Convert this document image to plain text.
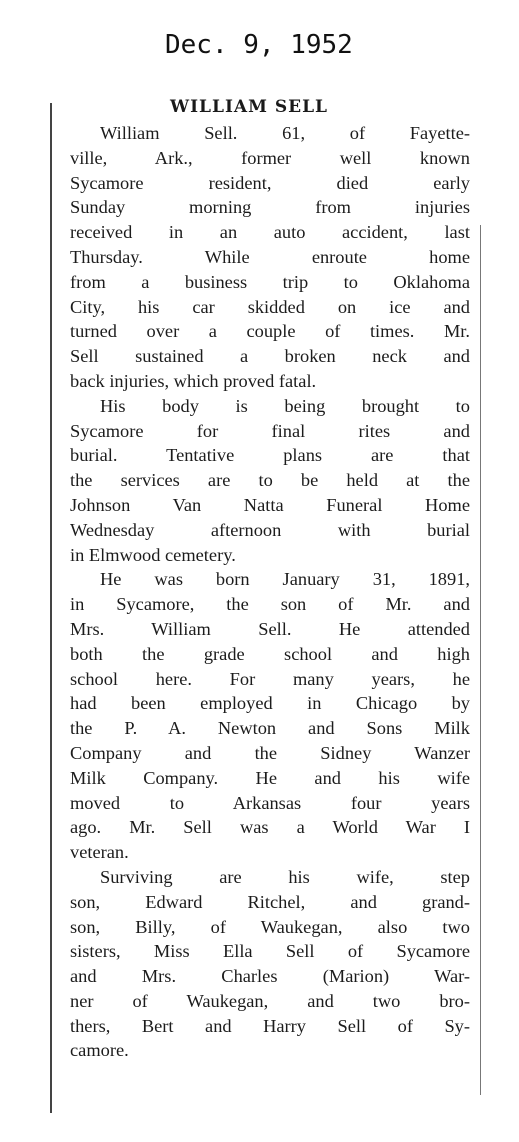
Dec. 9, 1952
WILLIAM SELL
William Sell. 61, of Fayette-
ville, Ark., former well known
Sycamore resident, died early
Sunday morning from injuries
received in an auto accident, last
Thursday. While enroute home
from a business trip to Oklahoma
City, his car skidded on ice and
turned over a couple of times. Mr.
Sell sustained a broken neck and
back injuries, which proved fatal.
His body is being brought to
Sycamore for final rites and
burial. Tentative plans are that
the services are to be held at the
Johnson Van Natta Funeral Home
Wednesday afternoon with burial
in Elmwood cemetery.
He was born January 31, 1891,
in Sycamore, the son of Mr. and
Mrs. William Sell. He attended
both the grade school and high
school here. For many years, he
had been employed in Chicago by
the P. A. Newton and Sons Milk
Company and the Sidney Wanzer
Milk Company. He and his wife
moved to Arkansas four years
ago. Mr. Sell was a World War I
veteran.
Surviving are his wife, step
son, Edward Ritchel, and grand-
son, Billy, of Waukegan, also two
sisters, Miss Ella Sell of Sycamore
and Mrs. Charles (Marion) War-
ner of Waukegan, and two bro-
thers, Bert and Harry Sell of Sy-
camore.
